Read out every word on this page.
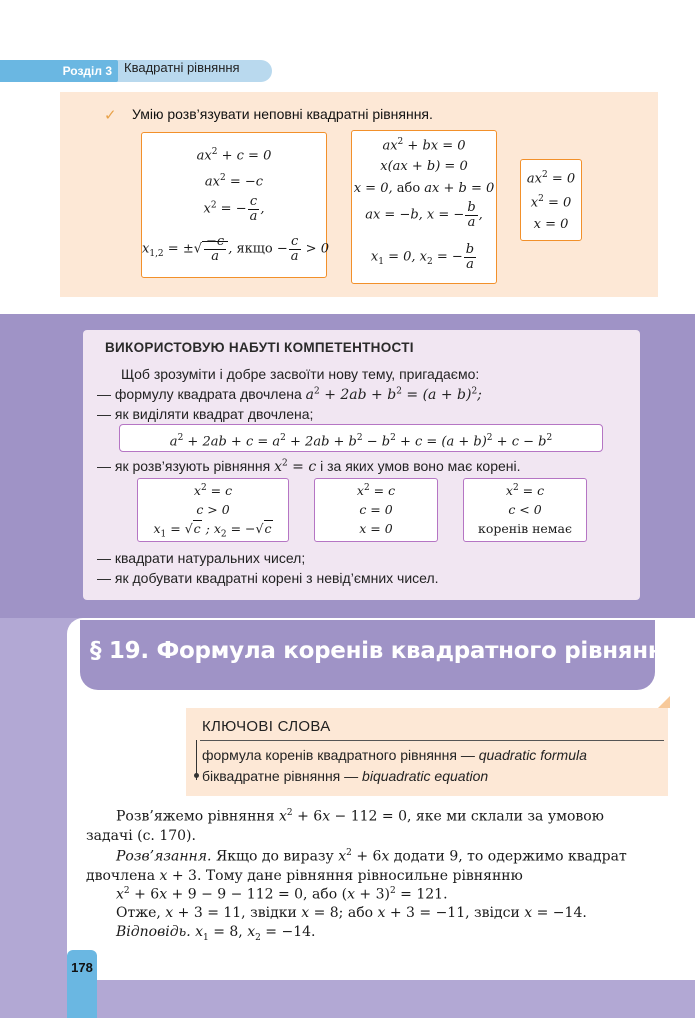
Розділ 3 Квадратні рівняння
✓ Умію розв’язувати неповні квадратні рівняння.
$ax^2 + c = 0$
$ax^2 = -c$
$x^2$ = − $\frac{c}{a}$ ,
$x_{1,2}$ = ±√ $\frac{-c}{a}$ , якщо − $\frac{c}{a} > 0$
$ax^2$ + bx = 0
x(ax + b) = 0
x = 0, або ax + b = 0
ax = −b, x = − $\frac{b}{a}$ ,
$x_1 = 0$, $x_2$ = − $\frac{b}{a}$
$ax^2 = 0$
$x^2 = 0$
x = 0
ВИКОРИСТОВУЮ НАБУТІ КОМПЕТЕНТНОСТІ
Щоб зрозуміти і добре засвоїти нову тему, пригадаємо:
— формулу квадрата двочлена $a^2 + 2ab + b^2 = (a + b)^2$;
— як виділяти квадрат двочлена;
$a^2 + 2ab + c = a^2 + 2ab + b^2 - b^2 + c = (a + b)^2 + c - b^2$
— як розв’язують рівняння $x^2 = c$ і за яких умов воно має корені.
$x^2 = c$
c > 0
$x_1 = √c$ ; $x_2 = -√c$
$x^2 = c$
c = 0
x = 0
$x^2 = c$
c < 0
коренів немає
— квадрати натуральних чисел;
— як добувати квадратні корені з невід’ємних чисел.
§ 19. Формула коренів квадратного рівняння
КЛЮЧОВІ СЛОВА
формула коренів квадратного рівняння — quadratic formula
біквадратне рівняння — biquadratic equation
Розв’яжемо рівняння $x^2 + 6x - 112 = 0$, яке ми склали за умовою
задачі (с. 170).
Розв’язання. Якщо до виразу $x^2 + 6x$ додати 9, то одержимо квадрат
двочлена x + 3. Тому дане рівняння рівносильне рівнянню
$x^2 + 6x + 9 - 9 - 112 = 0$, або $(x + 3)^2 = 121$.
Отже, x + 3 = 11, звідки x = 8; або x + 3 = −11, звідси x = −14.
Відповідь. $x_1 = 8$, $x_2 = -14$.
178
